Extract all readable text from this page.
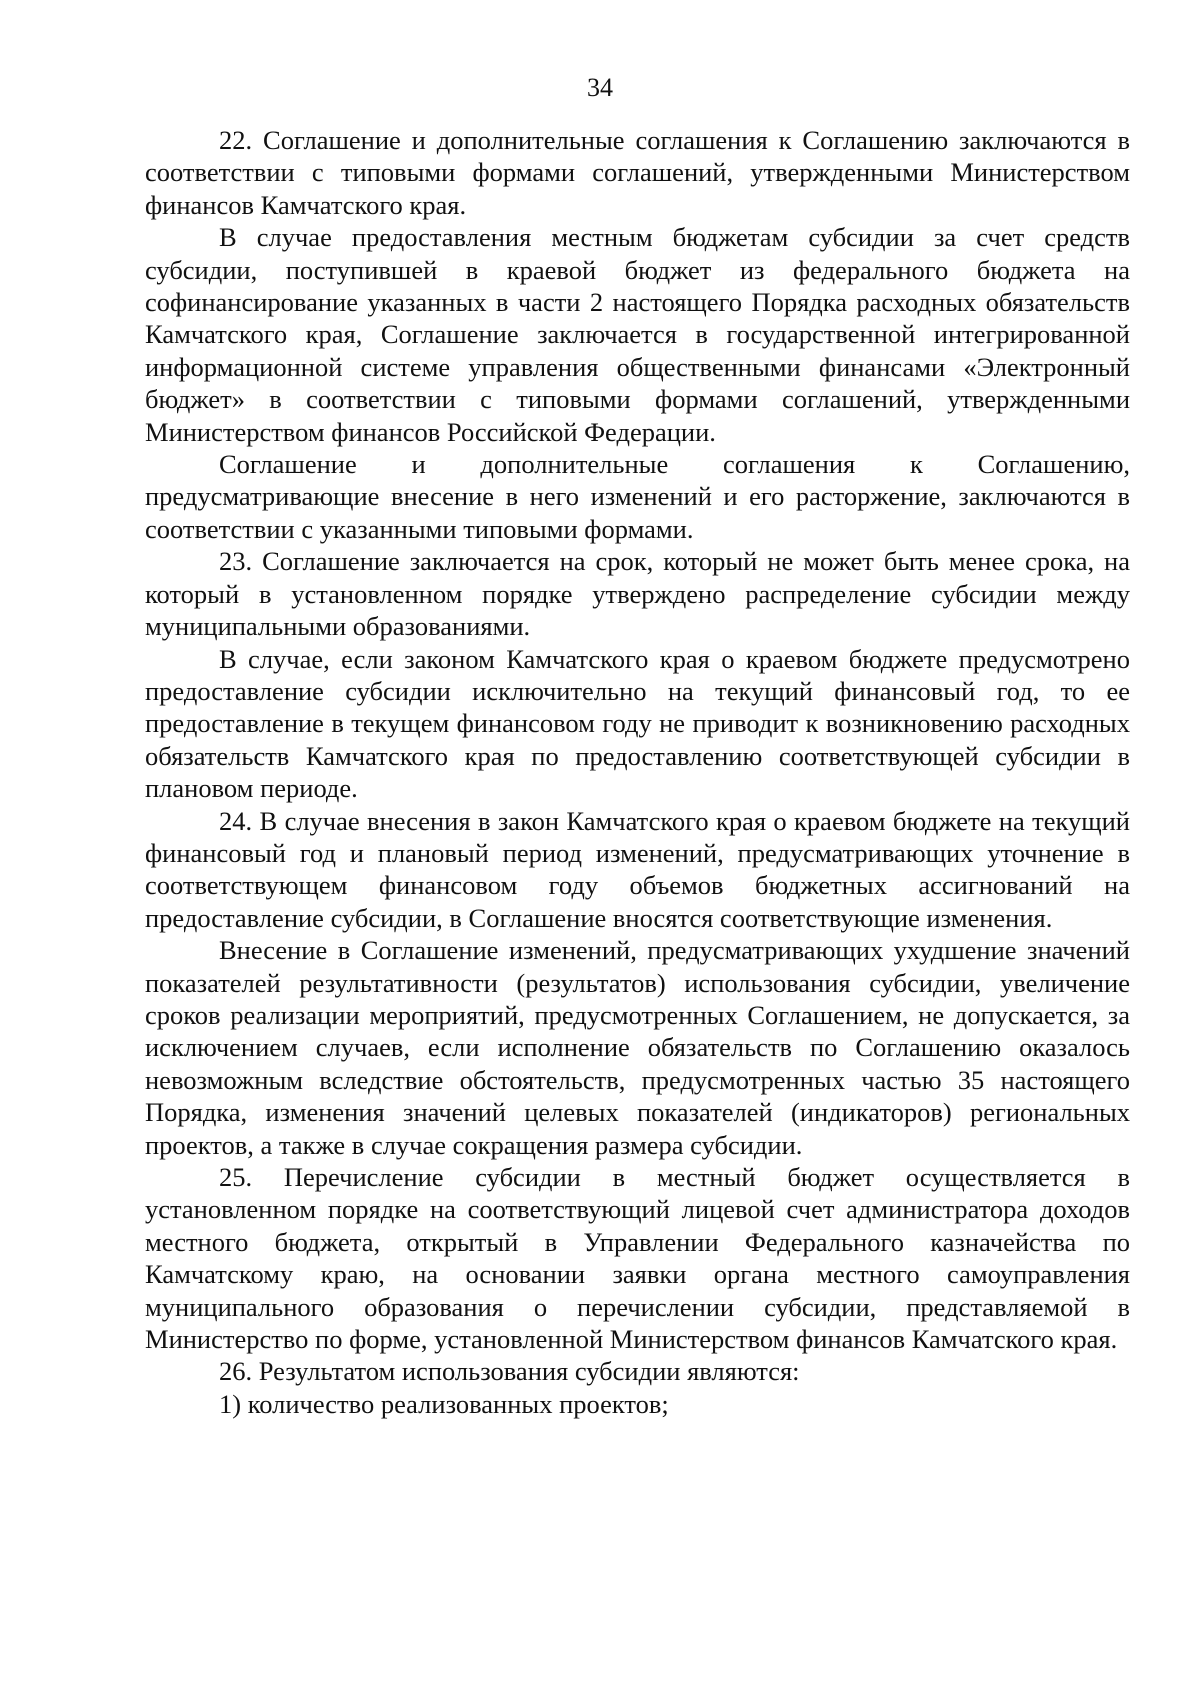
34

22. Соглашение и дополнительные соглашения к Соглашению заключаются в соответствии с типовыми формами соглашений, утвержденными Министерством финансов Камчатского края.

В случае предоставления местным бюджетам субсидии за счет средств субсидии, поступившей в краевой бюджет из федерального бюджета на софинансирование указанных в части 2 настоящего Порядка расходных обязательств Камчатского края, Соглашение заключается в государственной интегрированной информационной системе управления общественными финансами «Электронный бюджет» в соответствии с типовыми формами соглашений, утвержденными Министерством финансов Российской Федерации.

Соглашение и дополнительные соглашения к Соглашению, предусматривающие внесение в него изменений и его расторжение, заключаются в соответствии с указанными типовыми формами.

23. Соглашение заключается на срок, который не может быть менее срока, на который в установленном порядке утверждено распределение субсидии между муниципальными образованиями.

В случае, если законом Камчатского края о краевом бюджете предусмотрено предоставление субсидии исключительно на текущий финансовый год, то ее предоставление в текущем финансовом году не приводит к возникновению расходных обязательств Камчатского края по предоставлению соответствующей субсидии в плановом периоде.

24. В случае внесения в закон Камчатского края о краевом бюджете на текущий финансовый год и плановый период изменений, предусматривающих уточнение в соответствующем финансовом году объемов бюджетных ассигнований на предоставление субсидии, в Соглашение вносятся соответствующие изменения.

Внесение в Соглашение изменений, предусматривающих ухудшение значений показателей результативности (результатов) использования субсидии, увеличение сроков реализации мероприятий, предусмотренных Соглашением, не допускается, за исключением случаев, если исполнение обязательств по Соглашению оказалось невозможным вследствие обстоятельств, предусмотренных частью 35 настоящего Порядка, изменения значений целевых показателей (индикаторов) региональных проектов, а также в случае сокращения размера субсидии.

25. Перечисление субсидии в местный бюджет осуществляется в установленном порядке на соответствующий лицевой счет администратора доходов местного бюджета, открытый в Управлении Федерального казначейства по Камчатскому краю, на основании заявки органа местного самоуправления муниципального образования о перечислении субсидии, представляемой в Министерство по форме, установленной Министерством финансов Камчатского края.

26. Результатом использования субсидии являются:

1) количество реализованных проектов;
